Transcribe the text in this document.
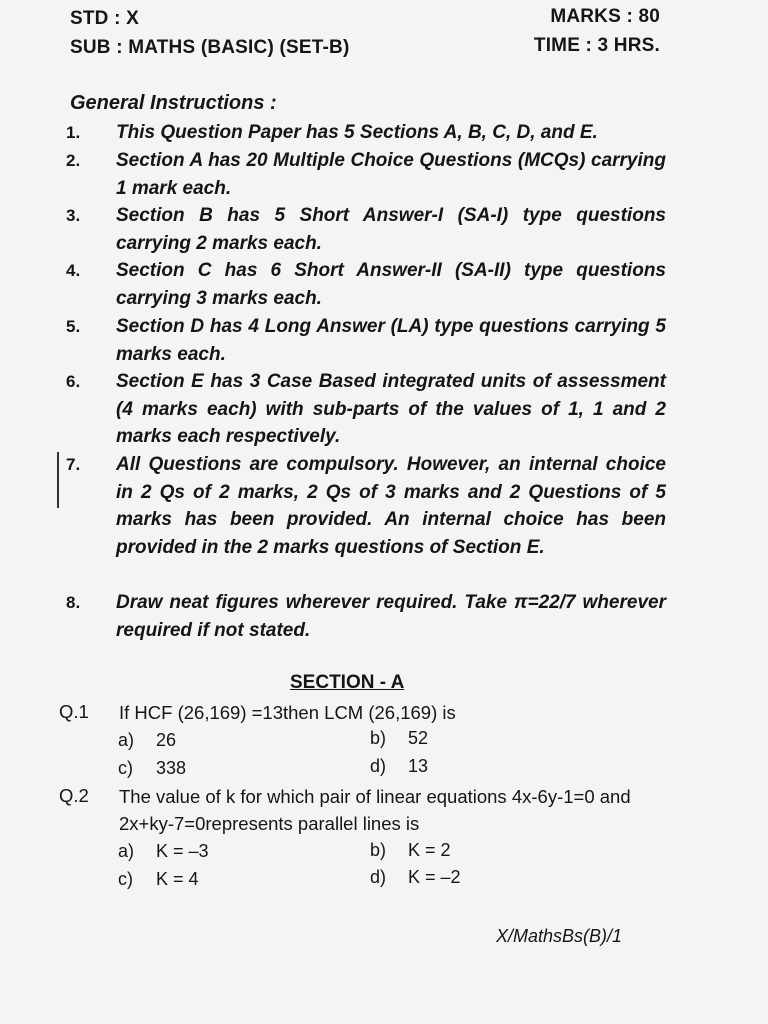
STD : X	MARKS : 80
SUB : MATHS (BASIC) (SET-B)	TIME : 3 HRS.
General Instructions :
1.	This Question Paper has 5 Sections A, B, C, D, and E.
2.	Section A has 20 Multiple Choice Questions (MCQs) carrying 1 mark each.
3.	Section B has 5 Short Answer-I (SA-I) type questions carrying 2 marks each.
4.	Section C has 6 Short Answer-II (SA-II) type questions carrying 3 marks each.
5.	Section D has 4 Long Answer (LA) type questions carrying 5 marks each.
6.	Section E has 3 Case Based integrated units of assessment (4 marks each) with sub-parts of the values of 1, 1 and 2 marks each respectively.
7.	All Questions are compulsory. However, an internal choice in 2 Qs of 2 marks, 2 Qs of 3 marks and 2 Questions of 5 marks has been provided. An internal choice has been provided in the 2 marks questions of Section E.
8.	Draw neat figures wherever required. Take π=22/7 wherever required if not stated.
SECTION - A
Q.1 If HCF (26,169) =13then LCM (26,169) is
a) 26	b) 52
c) 338	d) 13
Q.2 The value of k for which pair of linear equations 4x-6y-1=0 and 2x+ky-7=0represents parallel lines is
a) K = –3	b) K = 2
c) K = 4	d) K = –2
X/MathsBs(B)/1
